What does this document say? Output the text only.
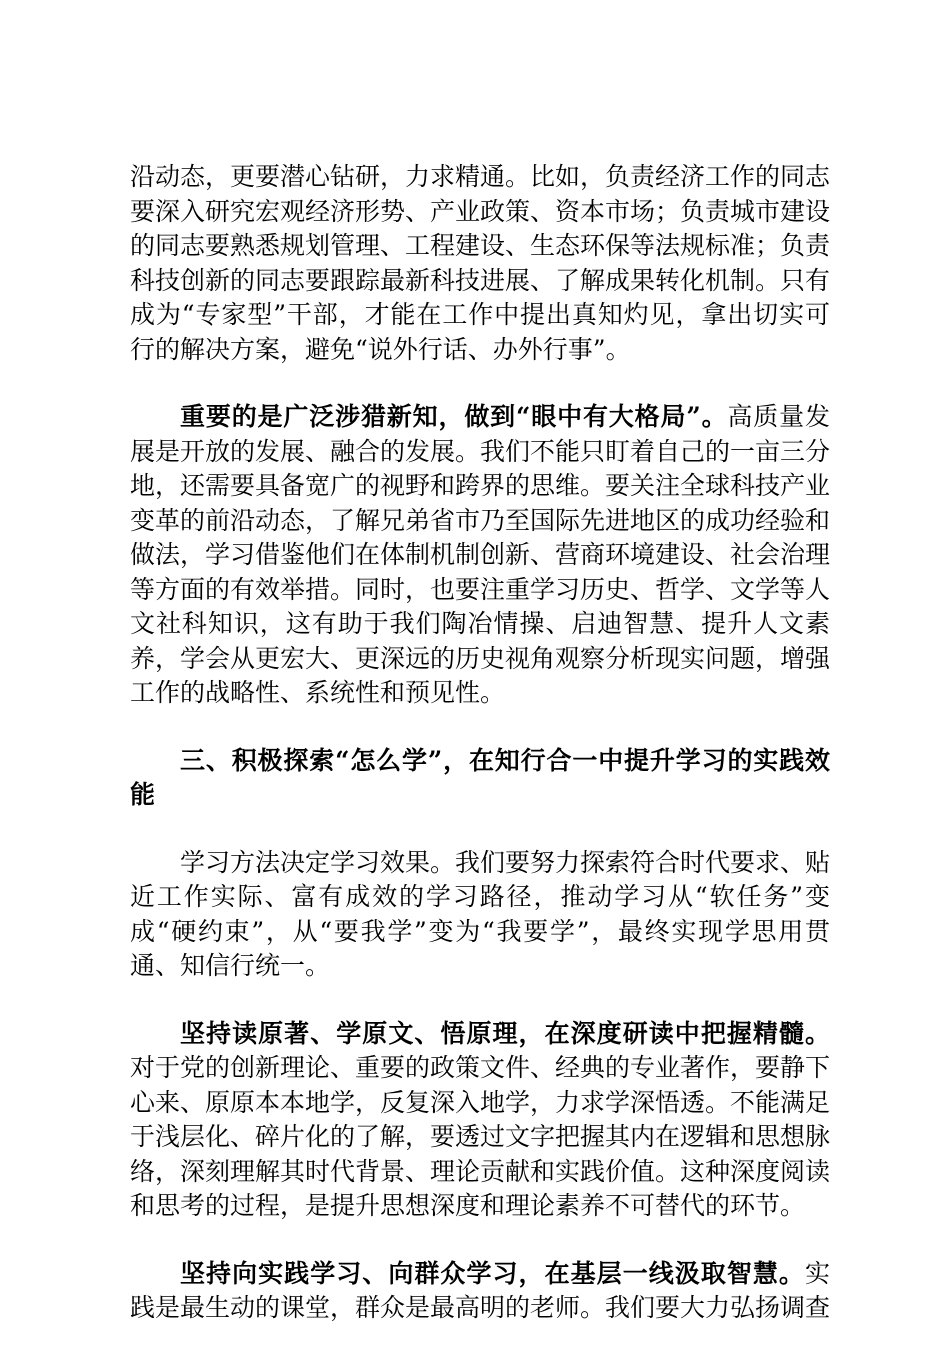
沿动态，更要潜心钻研，力求精通。比如，负责经济工作的同志要深入研究宏观经济形势、产业政策、资本市场；负责城市建设的同志要熟悉规划管理、工程建设、生态环保等法规标准；负责科技创新的同志要跟踪最新科技进展、了解成果转化机制。只有成为“专家型”干部，才能在工作中提出真知灼见，拿出切实可行的解决方案，避免“说外行话、办外行事”。

重要的是广泛涉猎新知，做到“眼中有大格局”。高质量发展是开放的发展、融合的发展。我们不能只盯着自己的一亩三分地，还需要具备宽广的视野和跨界的思维。要关注全球科技产业变革的前沿动态，了解兄弟省市乃至国际先进地区的成功经验和做法，学习借鉴他们在体制机制创新、营商环境建设、社会治理等方面的有效举措。同时，也要注重学习历史、哲学、文学等人文社科知识，这有助于我们陶冶情操、启迪智慧、提升人文素养，学会从更宏大、更深远的历史视角观察分析现实问题，增强工作的战略性、系统性和预见性。

三、积极探索“怎么学”，在知行合一中提升学习的实践效能

学习方法决定学习效果。我们要努力探索符合时代要求、贴近工作实际、富有成效的学习路径，推动学习从“软任务”变成“硬约束”，从“要我学”变为“我要学”，最终实现学思用贯通、知信行统一。

坚持读原著、学原文、悟原理，在深度研读中把握精髓。对于党的创新理论、重要的政策文件、经典的专业著作，要静下心来、原原本本地学，反复深入地学，力求学深悟透。不能满足于浅层化、碎片化的了解，要透过文字把握其内在逻辑和思想脉络，深刻理解其时代背景、理论贡献和实践价值。这种深度阅读和思考的过程，是提升思想深度和理论素养不可替代的环节。

坚持向实践学习、向群众学习，在基层一线汲取智慧。实践是最生动的课堂，群众是最高明的老师。我们要大力弘扬调查
